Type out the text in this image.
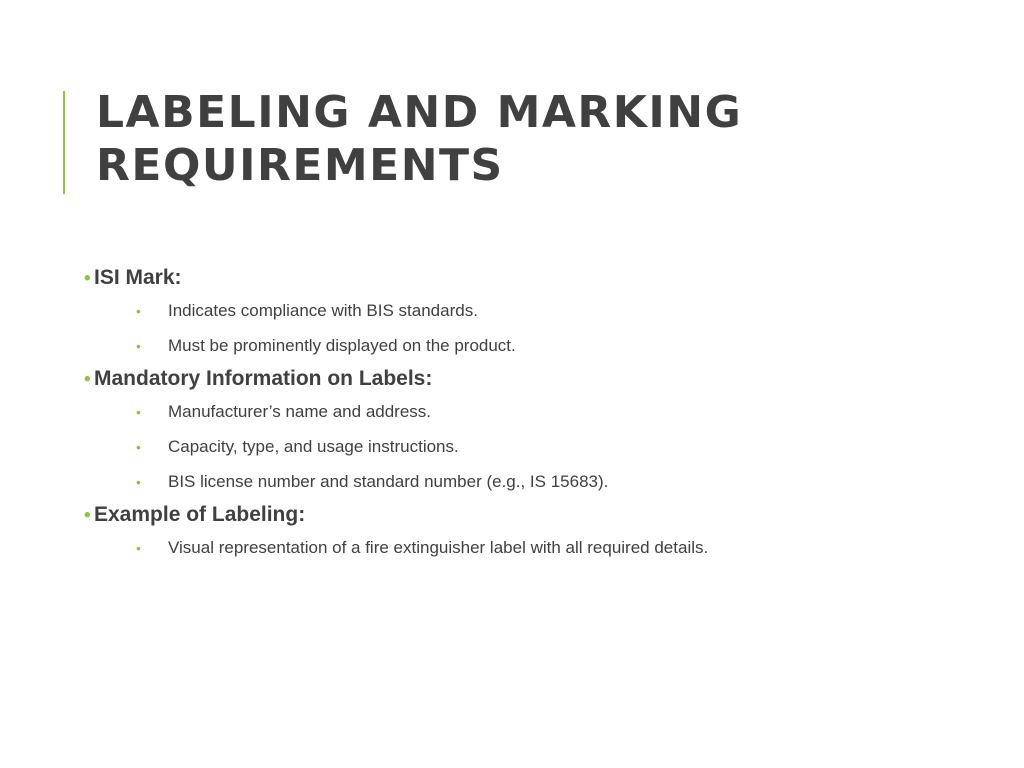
LABELING AND MARKING
REQUIREMENTS
• ISI Mark:
•	Indicates compliance with BIS standards.
•	Must be prominently displayed on the product.
• Mandatory Information on Labels:
•	Manufacturer’s name and address.
•	Capacity, type, and usage instructions.
•	BIS license number and standard number (e.g., IS 15683).
• Example of Labeling:
•	Visual representation of a fire extinguisher label with all required details.
